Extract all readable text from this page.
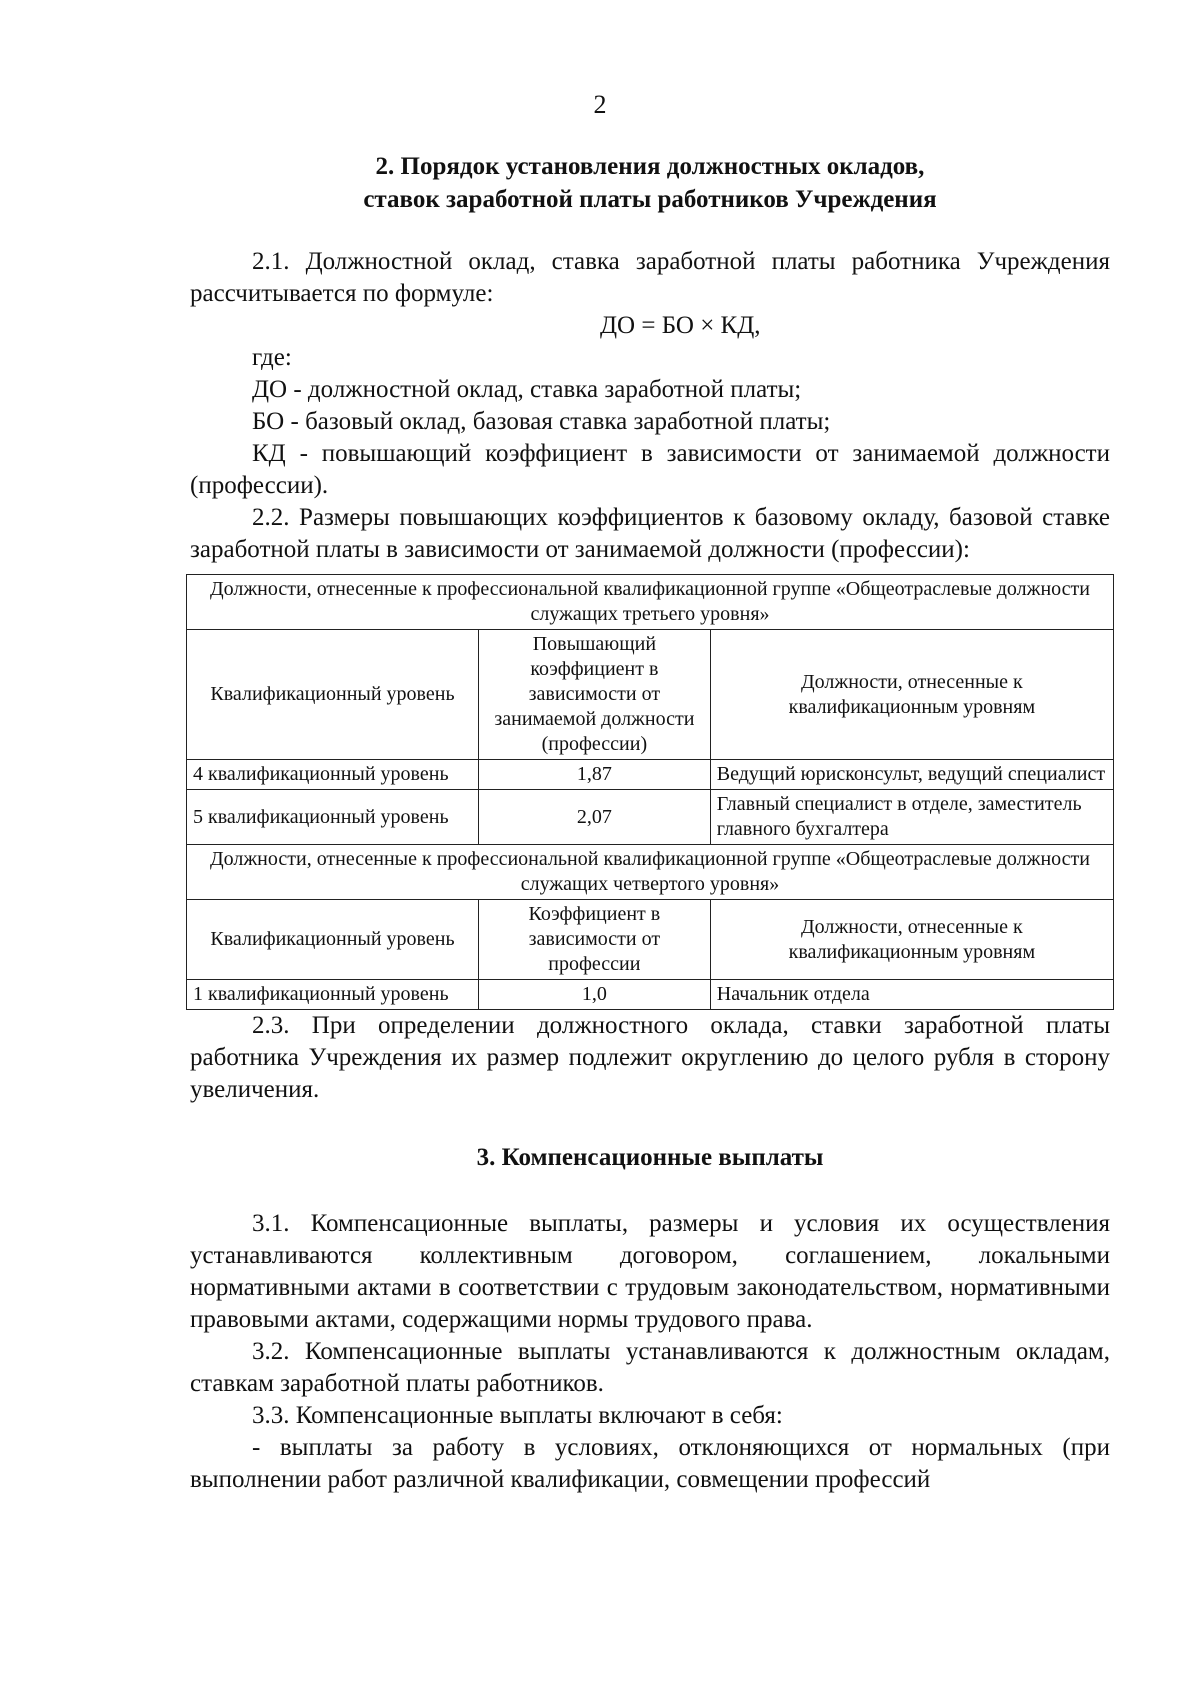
2
2. Порядок установления должностных окладов,
ставок заработной платы работников Учреждения

2.1. Должностной оклад, ставка заработной платы работника Учреждения рассчитывается по формуле:

ДО = БО × КД,

где:

ДО - должностной оклад, ставка заработной платы;

БО - базовый оклад, базовая ставка заработной платы;

КД - повышающий коэффициент в зависимости от занимаемой должности (профессии).

2.2. Размеры повышающих коэффициентов к базовому окладу, базовой ставке заработной платы в зависимости от занимаемой должности (профессии):

Должности, отнесенные к профессиональной квалификационной группе «Общеотраслевые должности служащих третьего уровня»		
Квалификационный уровень	Повышающий коэффициент в зависимости от занимаемой должности (профессии)	Должности, отнесенные к квалификационным уровням
4 квалификационный уровень	1,87	Ведущий юрисконсульт, ведущий специалист
5 квалификационный уровень	2,07	Главный специалист в отделе, заместитель главного бухгалтера
Должности, отнесенные к профессиональной квалификационной группе «Общеотраслевые должности служащих четвертого уровня»		
Квалификационный уровень	Коэффициент в зависимости от профессии	Должности, отнесенные к квалификационным уровням
1 квалификационный уровень	1,0	Начальник отдела

2.3. При определении должностного оклада, ставки заработной платы работника Учреждения их размер подлежит округлению до целого рубля в сторону увеличения.

3. Компенсационные выплаты

3.1. Компенсационные выплаты, размеры и условия их осуществления устанавливаются коллективным договором, соглашением, локальными нормативными актами в соответствии с трудовым законодательством, нормативными правовыми актами, содержащими нормы трудового права.

3.2. Компенсационные выплаты устанавливаются к должностным окладам, ставкам заработной платы работников.

3.3. Компенсационные выплаты включают в себя:

- выплаты за работу в условиях, отклоняющихся от нормальных (при выполнении работ различной квалификации, совмещении профессий
